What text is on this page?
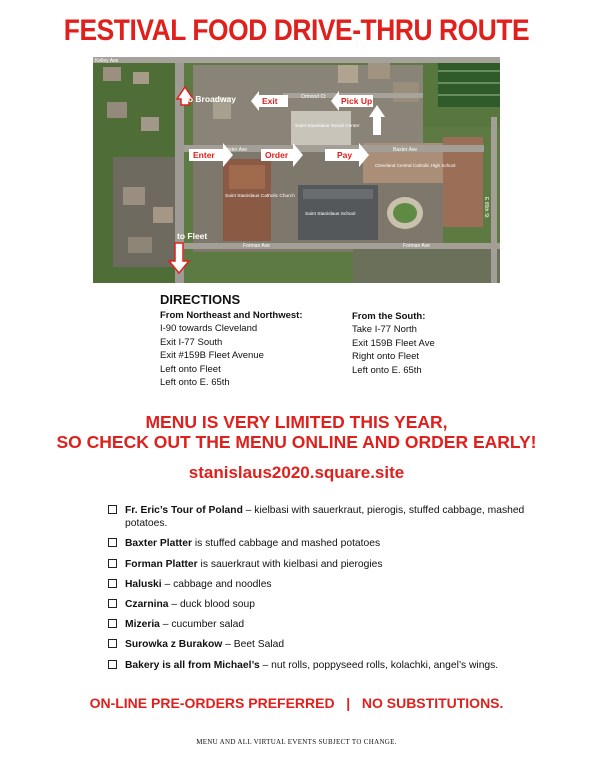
FESTIVAL FOOD DRIVE-THRU ROUTE
to Broadway	Exit	Pick Up
Enter	Order	Pay
to Fleet
Kelley Ave
Ormond Ct
Saint Stanislaus Social Center
Baxter Ave
Saint Stanislaus Catholic Church
Saint Stanislaus School
Cleveland Central Catholic High School
Forman Ave	Forman Ave
Baxter Ave
E 65th St
DIRECTIONS
From Northeast and Northwest:
I-90 towards Cleveland
Exit I-77 South
Exit #159B Fleet Avenue
Left onto Fleet
Left onto E. 65th
From the South:
Take I-77 North
Exit 159B Fleet Ave
Right onto Fleet
Left onto E. 65th
MENU IS VERY LIMITED THIS YEAR,
SO CHECK OUT THE MENU ONLINE AND ORDER EARLY!
stanislaus2020.square.site
Fr. Eric’s Tour of Poland – kielbasi with sauerkraut, pierogis, stuffed cabbage, mashed potatoes.
Baxter Platter is stuffed cabbage and mashed potatoes
Forman Platter is sauerkraut with kielbasi and pierogies
Haluski – cabbage and noodles
Czarnina – duck blood soup
Mizeria – cucumber salad
Surowka z Burakow – Beet Salad
Bakery is all from Michael’s – nut rolls, poppyseed rolls, kolachki, angel’s wings.
ON-LINE PRE-ORDERS PREFERRED   |   NO SUBSTITUTIONS.
MENU AND ALL VIRTUAL EVENTS SUBJECT TO CHANGE.
